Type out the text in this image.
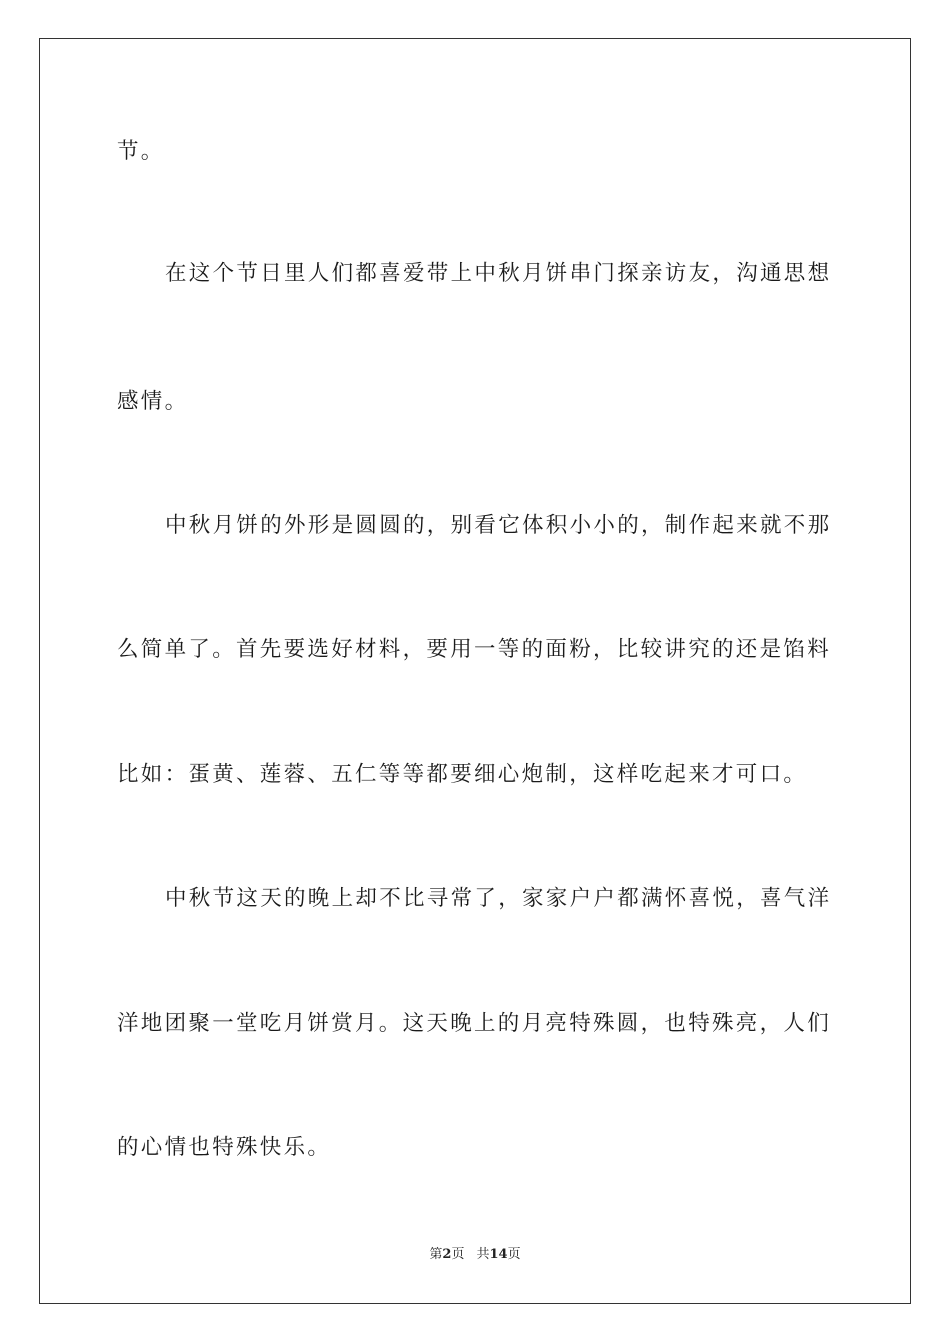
节。

在这个节日里人们都喜爱带上中秋月饼串门探亲访友，沟通思想

感情。

中秋月饼的外形是圆圆的，别看它体积小小的，制作起来就不那

么简单了。首先要选好材料，要用一等的面粉，比较讲究的还是馅料

比如：蛋黄、莲蓉、五仁等等都要细心炮制，这样吃起来才可口。

中秋节这天的晚上却不比寻常了，家家户户都满怀喜悦，喜气洋

洋地团聚一堂吃月饼赏月。这天晚上的月亮特殊圆，也特殊亮，人们

的心情也特殊快乐。

第2页 共14页
